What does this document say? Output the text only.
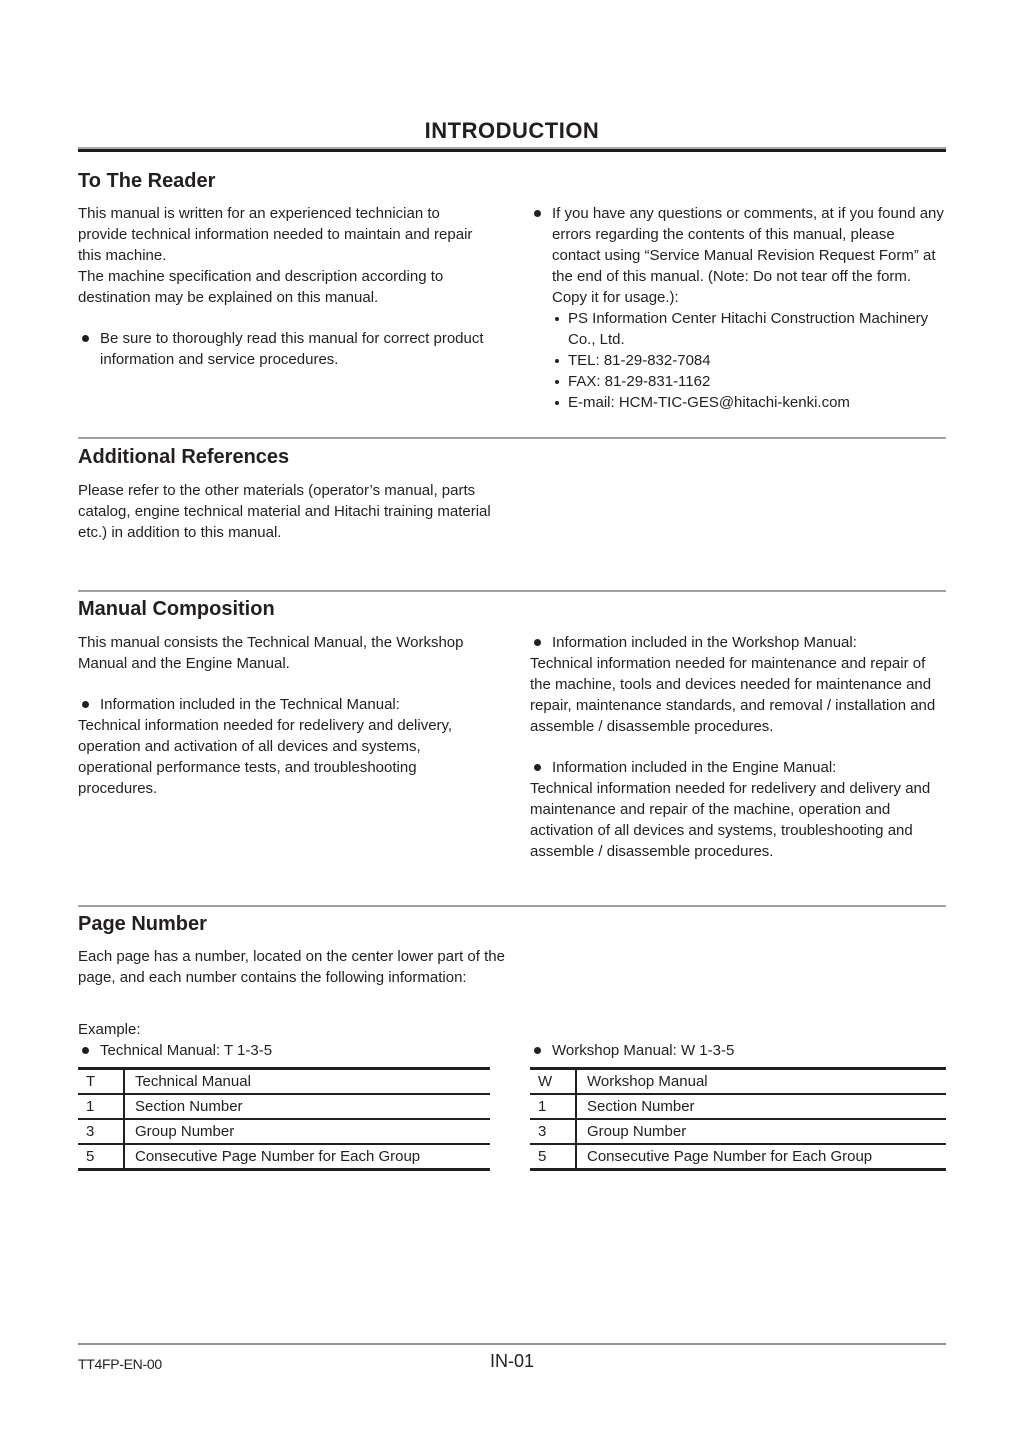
INTRODUCTION
To The Reader

This manual is written for an experienced technician to provide technical information needed to maintain and repair this machine.

The machine specification and description according to destination may be explained on this manual.

Be sure to thoroughly read this manual for correct product information and service procedures.
If you have any questions or comments, at if you found any errors regarding the contents of this manual, please contact using “Service Manual Revision Request Form” at the end of this manual. (Note: Do not tear off the form. Copy it for usage.):
PS Information Center Hitachi Construction Machinery Co., Ltd.
TEL: 81-29-832-7084
FAX: 81-29-831-1162
E-mail: HCM-TIC-GES@hitachi-kenki.com
Additional References
Please refer to the other materials (operator’s manual, parts catalog, engine technical material and Hitachi training material etc.) in addition to this manual.
Manual Composition

This manual consists the Technical Manual, the Workshop Manual and the Engine Manual.

Information included in the Technical Manual:

Technical information needed for redelivery and delivery, operation and activation of all devices and systems, operational performance tests, and troubleshooting procedures.

Information included in the Workshop Manual:

Technical information needed for maintenance and repair of the machine, tools and devices needed for maintenance and repair, maintenance standards, and removal / installation and assemble / disassemble procedures.

Information included in the Engine Manual:

Technical information needed for redelivery and delivery and maintenance and repair of the machine, operation and activation of all devices and systems, troubleshooting and assemble / disassemble procedures.

Page Number
Each page has a number, located on the center lower part of the page, and each number contains the following information:

Example:

Technical Manual: T 1-3-5
T	Technical Manual
1	Section Number
3	Group Number
5	Consecutive Page Number for Each Group
Workshop Manual: W 1-3-5
W	Workshop Manual
1	Section Number
3	Group Number
5	Consecutive Page Number for Each Group
TT4FP-EN-00	IN-01
